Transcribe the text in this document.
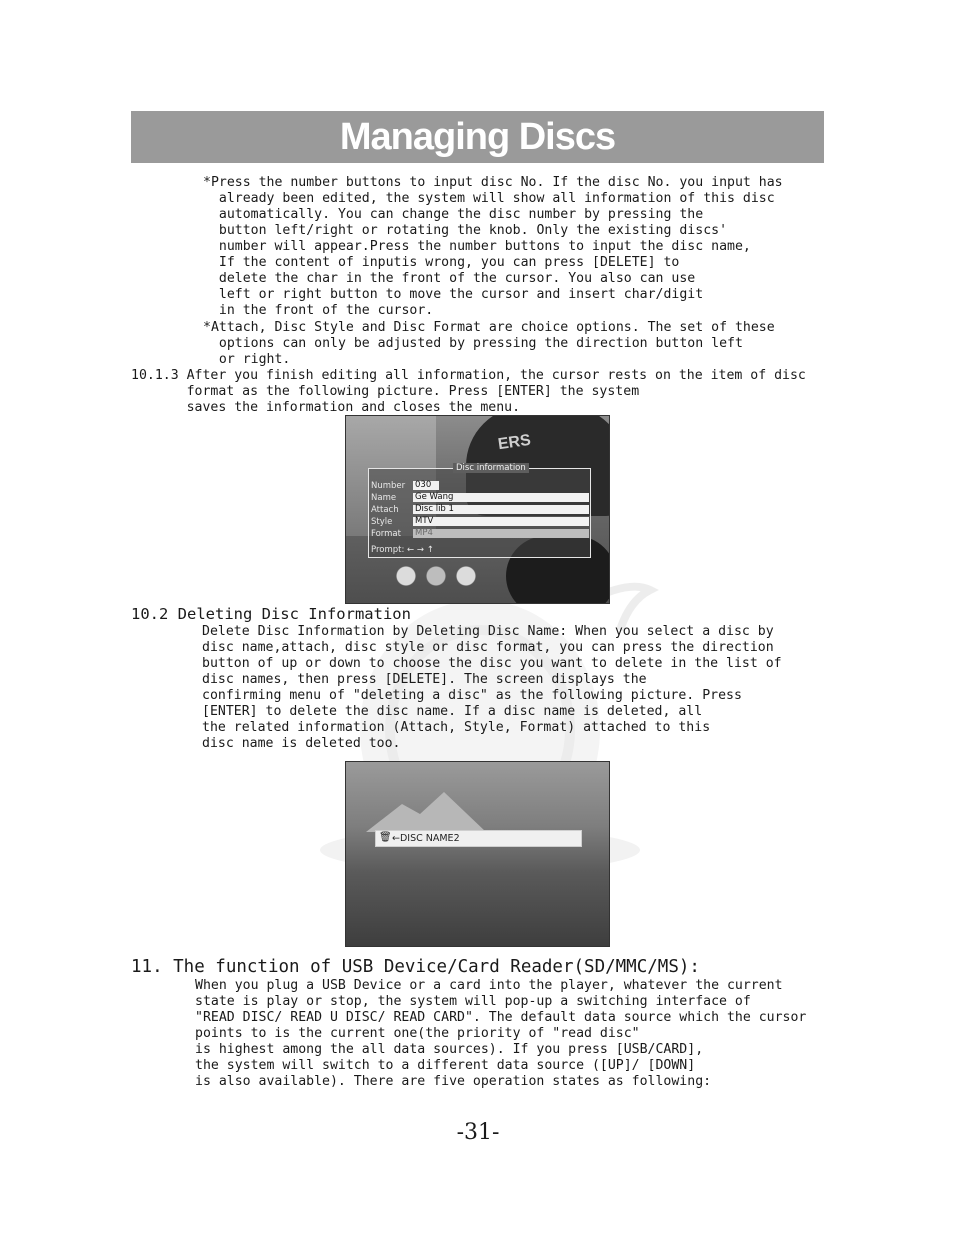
Managing Discs
*Press the number buttons to input disc No. If the disc No. you input has
already been edited, the system will show all information of this disc
automatically. You can change the disc number by pressing the
button left/right or rotating the knob. Only the existing discs'
number will appear.Press the number buttons to input the disc name,
If the content of inputis wrong, you can press [DELETE] to
delete the char in the front of the cursor. You also can use
left or right button to move the cursor and insert char/digit
in the front of the cursor.
*Attach, Disc Style and Disc Format are choice options. The set of these
options can only be adjusted by pressing the direction button left
or right.
10.1.3 After you finish editing all information, the cursor rests on the item of disc
format as the following picture. Press [ENTER] the system
saves the information and closes the menu.
ERS
Disc information
Number	030
Name	Ge Wang
Attach	Disc lib 1
Style	MTV
Format	MP4
Prompt: ← → ↑
10.2 Deleting Disc Information
Delete Disc Information by Deleting Disc Name: When you select a disc by
disc name,attach, disc style or disc format, you can press the direction
button of up or down to choose the disc you want to delete in the list of
disc names, then press [DELETE]. The screen displays the
confirming menu of "deleting a disc" as the following picture. Press
[ENTER] to delete the disc name. If a disc name is deleted, all
the related information (Attach, Style, Format) attached to this
disc name is deleted too.
🗑 ←DISC NAME2
11. The function of USB Device/Card Reader(SD/MMC/MS):
When you plug a USB Device or a card into the player, whatever the current
state is play or stop, the system will pop-up a switching interface of
"READ DISC/ READ U DISC/ READ CARD". The default data source which the cursor
points to is the current one(the priority of "read disc"
is highest among the all data sources). If you press [USB/CARD],
the system will switch to a different data source ([UP]/ [DOWN]
is also available). There are five operation states as following:
-31-
